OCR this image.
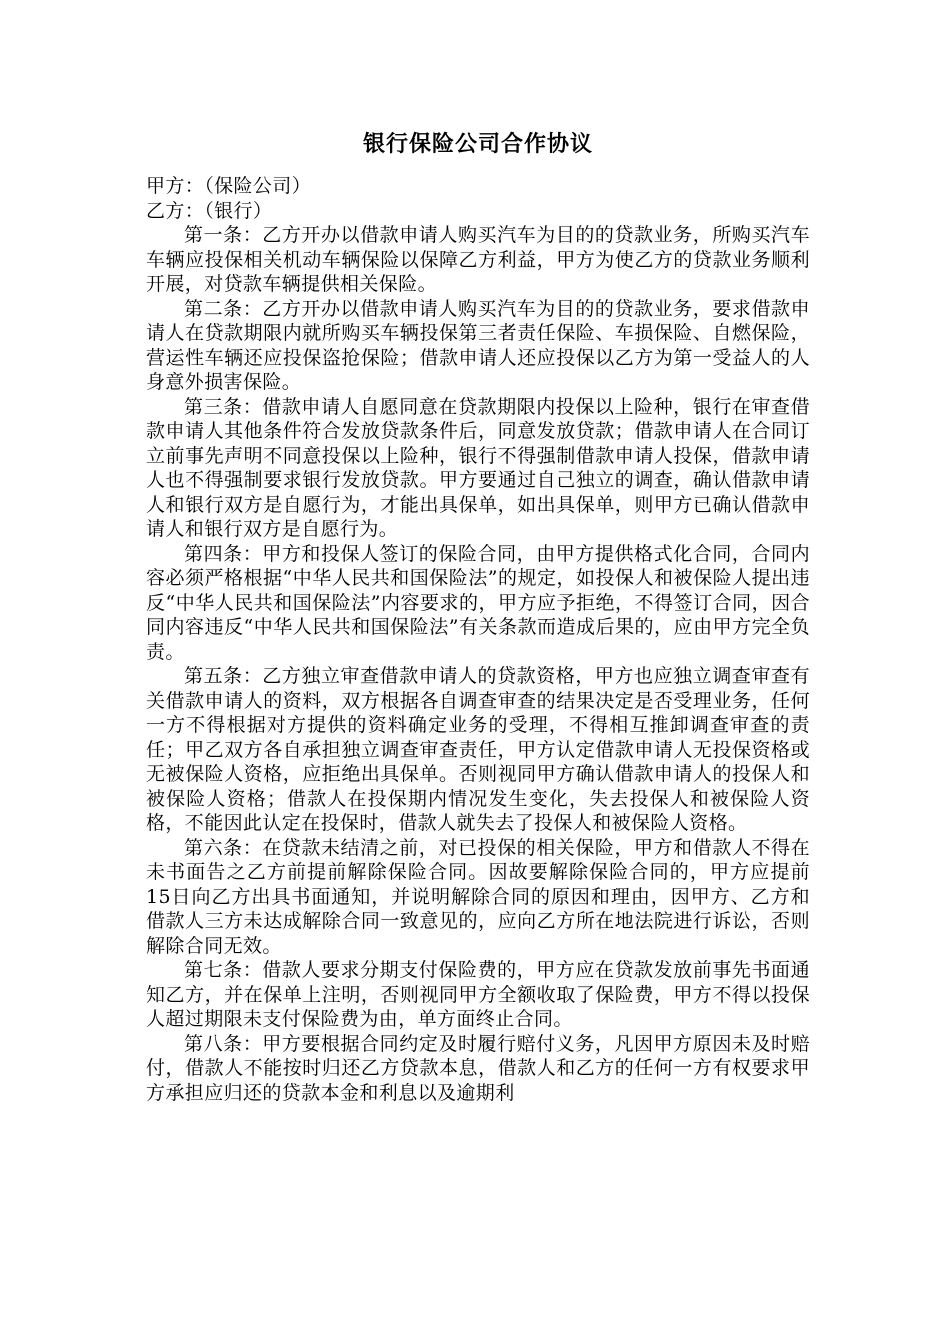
银行保险公司合作协议

甲方：（保险公司）

乙方：（银行）

第一条：乙方开办以借款申请人购买汽车为目的的贷款业务，所购买汽车车辆应投保相关机动车辆保险以保障乙方利益，甲方为使乙方的贷款业务顺利开展，对贷款车辆提供相关保险。

第二条：乙方开办以借款申请人购买汽车为目的的贷款业务，要求借款申请人在贷款期限内就所购买车辆投保第三者责任保险、车损保险、自燃保险，营运性车辆还应投保盗抢保险；借款申请人还应投保以乙方为第一受益人的人身意外损害保险。

第三条：借款申请人自愿同意在贷款期限内投保以上险种，银行在审查借款申请人其他条件符合发放贷款条件后，同意发放贷款；借款申请人在合同订立前事先声明不同意投保以上险种，银行不得强制借款申请人投保，借款申请人也不得强制要求银行发放贷款。甲方要通过自己独立的调查，确认借款申请人和银行双方是自愿行为，才能出具保单，如出具保单，则甲方已确认借款申请人和银行双方是自愿行为。

第四条：甲方和投保人签订的保险合同，由甲方提供格式化合同，合同内容必须严格根据“中华人民共和国保险法”的规定，如投保人和被保险人提出违反“中华人民共和国保险法”内容要求的，甲方应予拒绝，不得签订合同，因合同内容违反“中华人民共和国保险法”有关条款而造成后果的，应由甲方完全负责。

第五条：乙方独立审查借款申请人的贷款资格，甲方也应独立调查审查有关借款申请人的资料，双方根据各自调查审查的结果决定是否受理业务，任何一方不得根据对方提供的资料确定业务的受理，不得相互推卸调查审查的责任；甲乙双方各自承担独立调查审查责任，甲方认定借款申请人无投保资格或无被保险人资格，应拒绝出具保单。否则视同甲方确认借款申请人的投保人和被保险人资格；借款人在投保期内情况发生变化，失去投保人和被保险人资格，不能因此认定在投保时，借款人就失去了投保人和被保险人资格。

第六条：在贷款未结清之前，对已投保的相关保险，甲方和借款人不得在未书面告之乙方前提前解除保险合同。因故要解除保险合同的，甲方应提前15日向乙方出具书面通知，并说明解除合同的原因和理由，因甲方、乙方和借款人三方未达成解除合同一致意见的，应向乙方所在地法院进行诉讼，否则解除合同无效。

第七条：借款人要求分期支付保险费的，甲方应在贷款发放前事先书面通知乙方，并在保单上注明，否则视同甲方全额收取了保险费，甲方不得以投保人超过期限未支付保险费为由，单方面终止合同。

第八条：甲方要根据合同约定及时履行赔付义务，凡因甲方原因未及时赔付，借款人不能按时归还乙方贷款本息，借款人和乙方的任何一方有权要求甲方承担应归还的贷款本金和利息以及逾期利
